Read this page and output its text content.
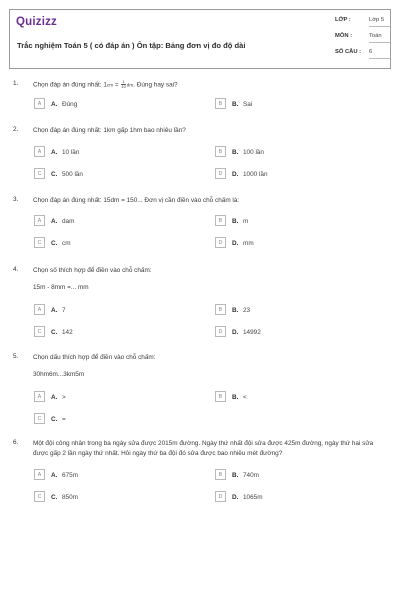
Quizizz
Trắc nghiệm Toán 5 ( có đáp án ) Ôn tập: Bảng đơn vị đo độ dài
LỚP :	Lớp 5
MÔN :	Toán
SỐ CÂU : 6
1. Chọn đáp án đúng nhất: $1cm = \frac{1}{10}$ dm. Đúng hay sai?
A	A. Đúng	B	B. Sai
2. Chọn đáp án đúng nhất: 1km gấp 1hm bao nhiêu lần?
A	A. 10 lần	B	B. 100 lần
C	C. 500 lần	D	D. 1000 lần
3. Chọn đáp án đúng nhất: 15dm = 150... Đơn vị cần điền vào chỗ chấm là:
A	A. dam	B	B. m
C	C. cm	D	D. mm
4. Chọn số thích hợp để điền vào chỗ chấm:
15m - 8mm =... mm
A	A. 7	B	B. 23
C	C. 142	D	D. 14992
5. Chọn dấu thích hợp để điền vào chỗ chấm:
30hm6m...3km5m
A	A. >	B	B. <
C	C. =
6. Một đội công nhân trong ba ngày sửa được 2015m đường. Ngày thứ nhất đội sửa được 425m đường, ngày thứ hai sửa được gấp 2 lần ngày thứ nhất. Hỏi ngày thứ ba đội đó sửa được bao nhiêu mét đường?
A	A. 675m	B	B. 740m
C	C. 850m	D	D. 1065m
